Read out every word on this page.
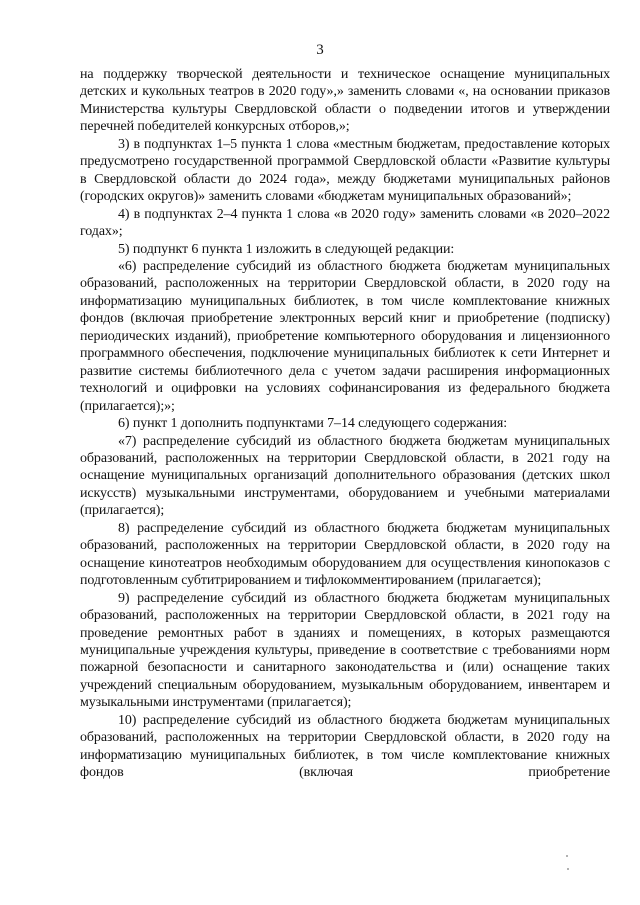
3

на поддержку творческой деятельности и техническое оснащение муниципальных детских и кукольных театров в 2020 году»,» заменить словами «, на основании приказов Министерства культуры Свердловской области о подведении итогов и утверждении перечней победителей конкурсных отборов,»;

3) в подпунктах 1–5 пункта 1 слова «местным бюджетам, предоставление которых предусмотрено государственной программой Свердловской области «Развитие культуры в Свердловской области до 2024 года», между бюджетами муниципальных районов (городских округов)» заменить словами «бюджетам муниципальных образований»;

4) в подпунктах 2–4 пункта 1 слова «в 2020 году» заменить словами «в 2020–2022 годах»;

5) подпункт 6 пункта 1 изложить в следующей редакции:

«6) распределение субсидий из областного бюджета бюджетам муниципальных образований, расположенных на территории Свердловской области, в 2020 году на информатизацию муниципальных библиотек, в том числе комплектование книжных фондов (включая приобретение электронных версий книг и приобретение (подписку) периодических изданий), приобретение компьютерного оборудования и лицензионного программного обеспечения, подключение муниципальных библиотек к сети Интернет и развитие системы библиотечного дела с учетом задачи расширения информационных технологий и оцифровки на условиях софинансирования из федерального бюджета (прилагается);»;

6) пункт 1 дополнить подпунктами 7–14 следующего содержания:

«7) распределение субсидий из областного бюджета бюджетам муниципальных образований, расположенных на территории Свердловской области, в 2021 году на оснащение муниципальных организаций дополнительного образования (детских школ искусств) музыкальными инструментами, оборудованием и учебными материалами (прилагается);

8) распределение субсидий из областного бюджета бюджетам муниципальных образований, расположенных на территории Свердловской области, в 2020 году на оснащение кинотеатров необходимым оборудованием для осуществления кинопоказов с подготовленным субтитрированием и тифлокомментированием (прилагается);

9) распределение субсидий из областного бюджета бюджетам муниципальных образований, расположенных на территории Свердловской области, в 2021 году на проведение ремонтных работ в зданиях и помещениях, в которых размещаются муниципальные учреждения культуры, приведение в соответствие с требованиями норм пожарной безопасности и санитарного законодательства и (или) оснащение таких учреждений специальным оборудованием, музыкальным оборудованием, инвентарем и музыкальными инструментами (прилагается);

10) распределение субсидий из областного бюджета бюджетам муниципальных образований, расположенных на территории Свердловской области, в 2020 году на информатизацию муниципальных библиотек, в том числе комплектование книжных фондов (включая приобретение
